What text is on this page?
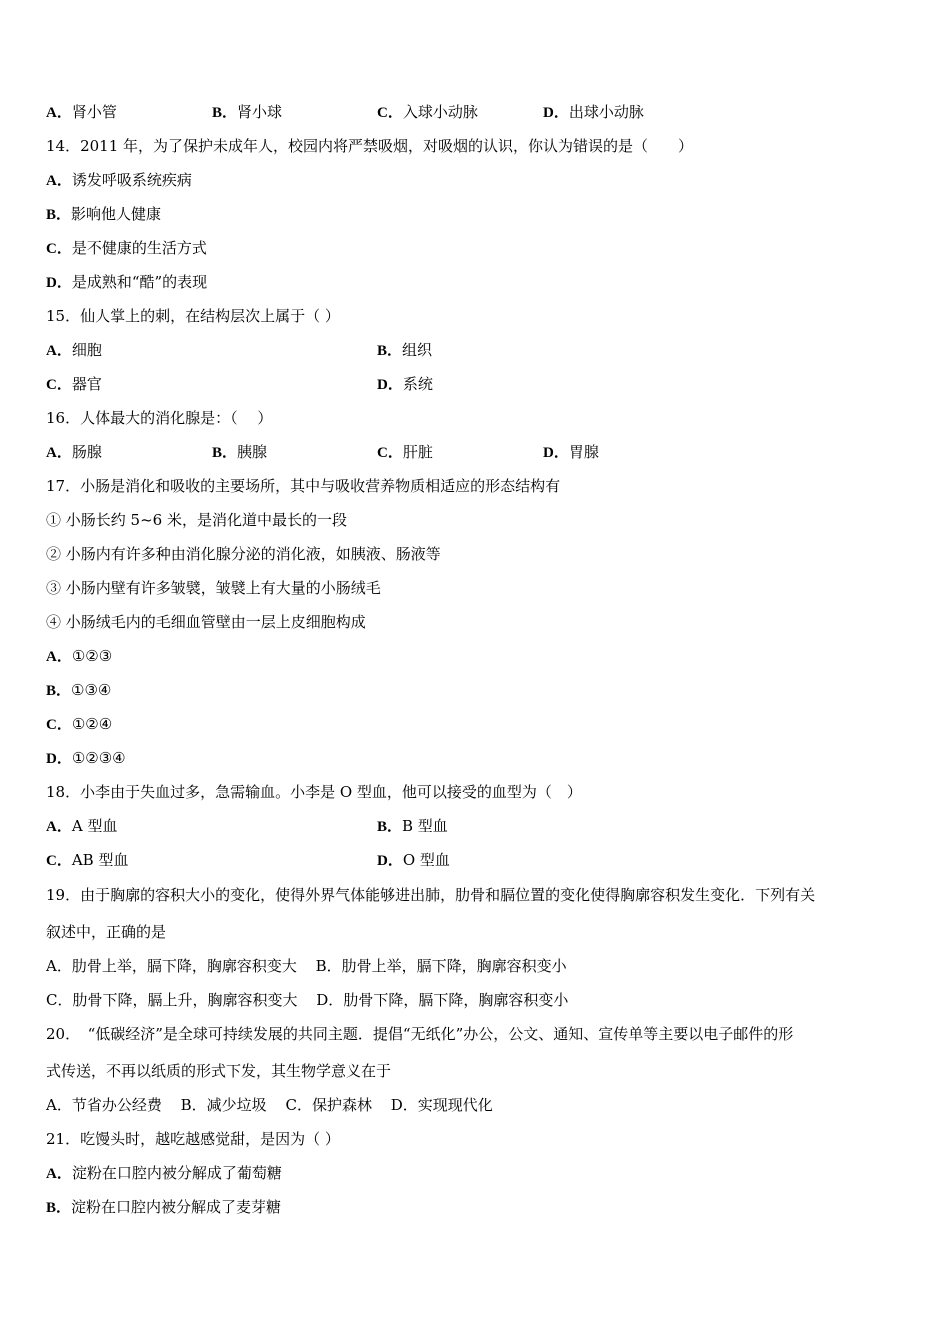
A．肾小管	B．肾小球	C．入球小动脉	D．出球小动脉
14．2011 年，为了保护未成年人，校园内将严禁吸烟，对吸烟的认识，你认为错误的是（　　）
A．诱发呼吸系统疾病
B．影响他人健康
C．是不健康的生活方式
D．是成熟和“酷”的表现
15．仙人掌上的刺，在结构层次上属于（ ）
A．细胞	B．组织
C．器官	D．系统
16．人体最大的消化腺是：（　 ）
A．肠腺	B．胰腺	C．肝脏	D．胃腺
17．小肠是消化和吸收的主要场所，其中与吸收营养物质相适应的形态结构有
① 小肠长约 5~6 米，是消化道中最长的一段
② 小肠内有许多种由消化腺分泌的消化液，如胰液、肠液等
③ 小肠内壁有许多皱襞，皱襞上有大量的小肠绒毛
④ 小肠绒毛内的毛细血管壁由一层上皮细胞构成
A．①②③
B．①③④
C．①②④
D．①②③④
18．小李由于失血过多，急需输血。小李是 O 型血，他可以接受的血型为（　）
A．A 型血	B．B 型血
C．AB 型血	D．O 型血
19．由于胸廓的容积大小的变化，使得外界气体能够进出肺，肋骨和膈位置的变化使得胸廓容积发生变化．下列有关
叙述中，正确的是
A．肋骨上举，膈下降，胸廓容积变大 B．肋骨上举，膈下降，胸廓容积变小
C．肋骨下降，膈上升，胸廓容积变大 D．肋骨下降，膈下降，胸廓容积变小
20．　“低碳经济”是全球可持续发展的共同主题．提倡“无纸化”办公，公文、通知、宣传单等主要以电子邮件的形
式传送，不再以纸质的形式下发，其生物学意义在于
A．节省办公经费 B．减少垃圾 C．保护森林 D．实现现代化
21．吃馒头时，越吃越感觉甜，是因为（ ）
A．淀粉在口腔内被分解成了葡萄糖
B．淀粉在口腔内被分解成了麦芽糖
